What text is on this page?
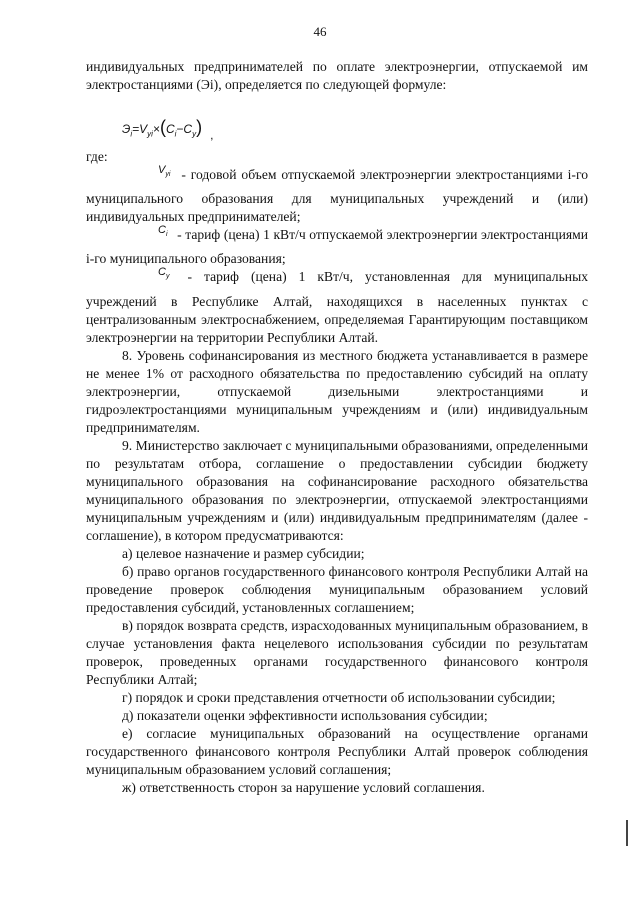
46

индивидуальных предпринимателей по оплате электроэнергии, отпускаемой им электростанциями (Эi), определяется по следующей формуле:

$Э_i=V_{yi}\times(C_i-C_y)$ ,

где:

$V_{yi}$ - годовой объем отпускаемой электроэнергии электростанциями i-го муниципального образования для муниципальных учреждений и (или) индивидуальных предпринимателей;

$C_i$ - тариф (цена) 1 кВт/ч отпускаемой электроэнергии электростанциями i-го муниципального образования;

$C_y$ - тариф (цена) 1 кВт/ч, установленная для муниципальных учреждений в Республике Алтай, находящихся в населенных пунктах с централизованным электроснабжением, определяемая Гарантирующим поставщиком электроэнергии на территории Республики Алтай.

8. Уровень софинансирования из местного бюджета устанавливается в размере не менее 1% от расходного обязательства по предоставлению субсидий на оплату электроэнергии, отпускаемой дизельными электростанциями и гидроэлектростанциями муниципальным учреждениям и (или) индивидуальным предпринимателям.

9. Министерство заключает с муниципальными образованиями, определенными по результатам отбора, соглашение о предоставлении субсидии бюджету муниципального образования на софинансирование расходного обязательства муниципального образования по электроэнергии, отпускаемой электростанциями муниципальным учреждениям и (или) индивидуальным предпринимателям (далее - соглашение), в котором предусматриваются:

а) целевое назначение и размер субсидии;

б) право органов государственного финансового контроля Республики Алтай на проведение проверок соблюдения муниципальным образованием условий предоставления субсидий, установленных соглашением;

в) порядок возврата средств, израсходованных муниципальным образованием, в случае установления факта нецелевого использования субсидии по результатам проверок, проведенных органами государственного финансового контроля Республики Алтай;

г) порядок и сроки представления отчетности об использовании субсидии;

д) показатели оценки эффективности использования субсидии;

е) согласие муниципальных образований на осуществление органами государственного финансового контроля Республики Алтай проверок соблюдения муниципальным образованием условий соглашения;

ж) ответственность сторон за нарушение условий соглашения.
